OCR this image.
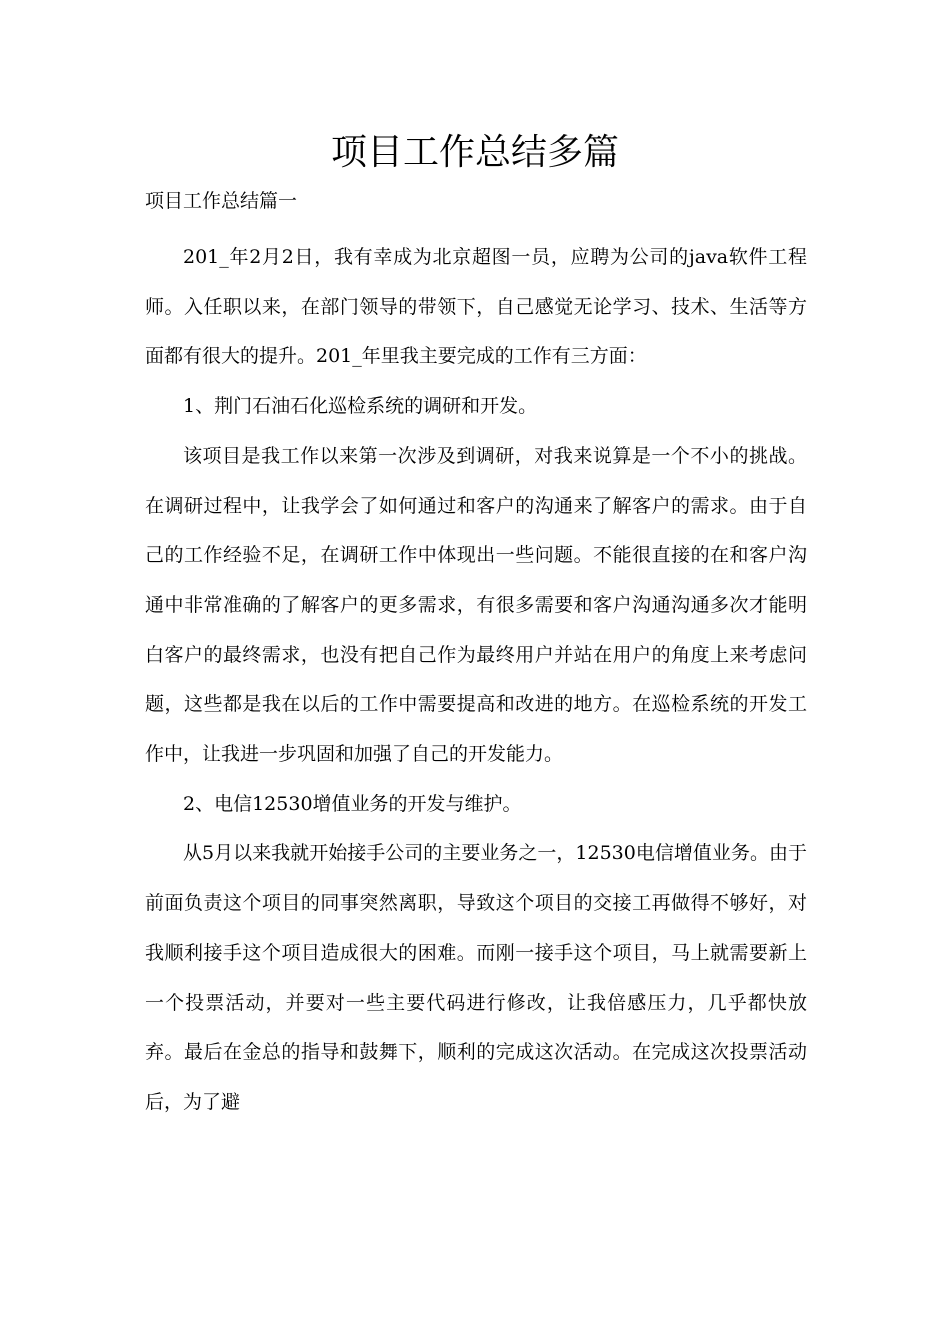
项目工作总结多篇
项目工作总结篇一

201_年2月2日，我有幸成为北京超图一员，应聘为公司的java软件工程师。入任职以来，在部门领导的带领下，自己感觉无论学习、技术、生活等方面都有很大的提升。201_年里我主要完成的工作有三方面：

1、荆门石油石化巡检系统的调研和开发。

该项目是我工作以来第一次涉及到调研，对我来说算是一个不小的挑战。在调研过程中，让我学会了如何通过和客户的沟通来了解客户的需求。由于自己的工作经验不足，在调研工作中体现出一些问题。不能很直接的在和客户沟通中非常准确的了解客户的更多需求，有很多需要和客户沟通沟通多次才能明白客户的最终需求，也没有把自己作为最终用户并站在用户的角度上来考虑问题，这些都是我在以后的工作中需要提高和改进的地方。在巡检系统的开发工作中，让我进一步巩固和加强了自己的开发能力。

2、电信12530增值业务的开发与维护。

从5月以来我就开始接手公司的主要业务之一，12530电信增值业务。由于前面负责这个项目的同事突然离职，导致这个项目的交接工再做得不够好，对我顺利接手这个项目造成很大的困难。而刚一接手这个项目，马上就需要新上一个投票活动，并要对一些主要代码进行修改，让我倍感压力，几乎都快放弃。最后在金总的指导和鼓舞下，顺利的完成这次活动。在完成这次投票活动后，为了避
